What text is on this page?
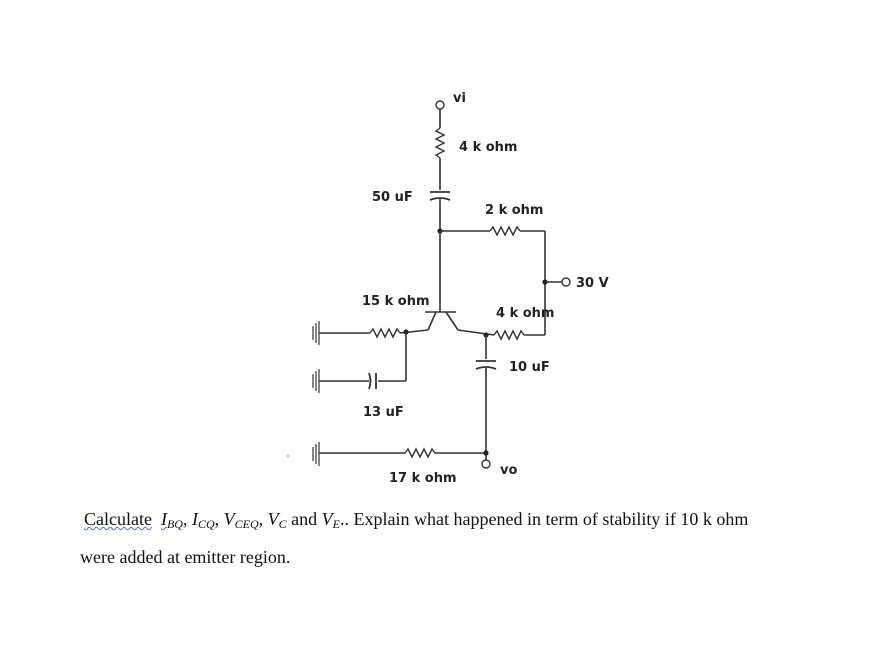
vi
4 k ohm
50 uF
2 k ohm
30 V
15 k ohm
13 uF
4 k ohm
10 uF
17 k ohm
vo
Calculate $I_{BQ}$, $I_{CQ}$, $V_{CEQ}$, $V_C$ and $V_E$.. Explain what happened in term of stability if 10 k ohm
were added at emitter region.
